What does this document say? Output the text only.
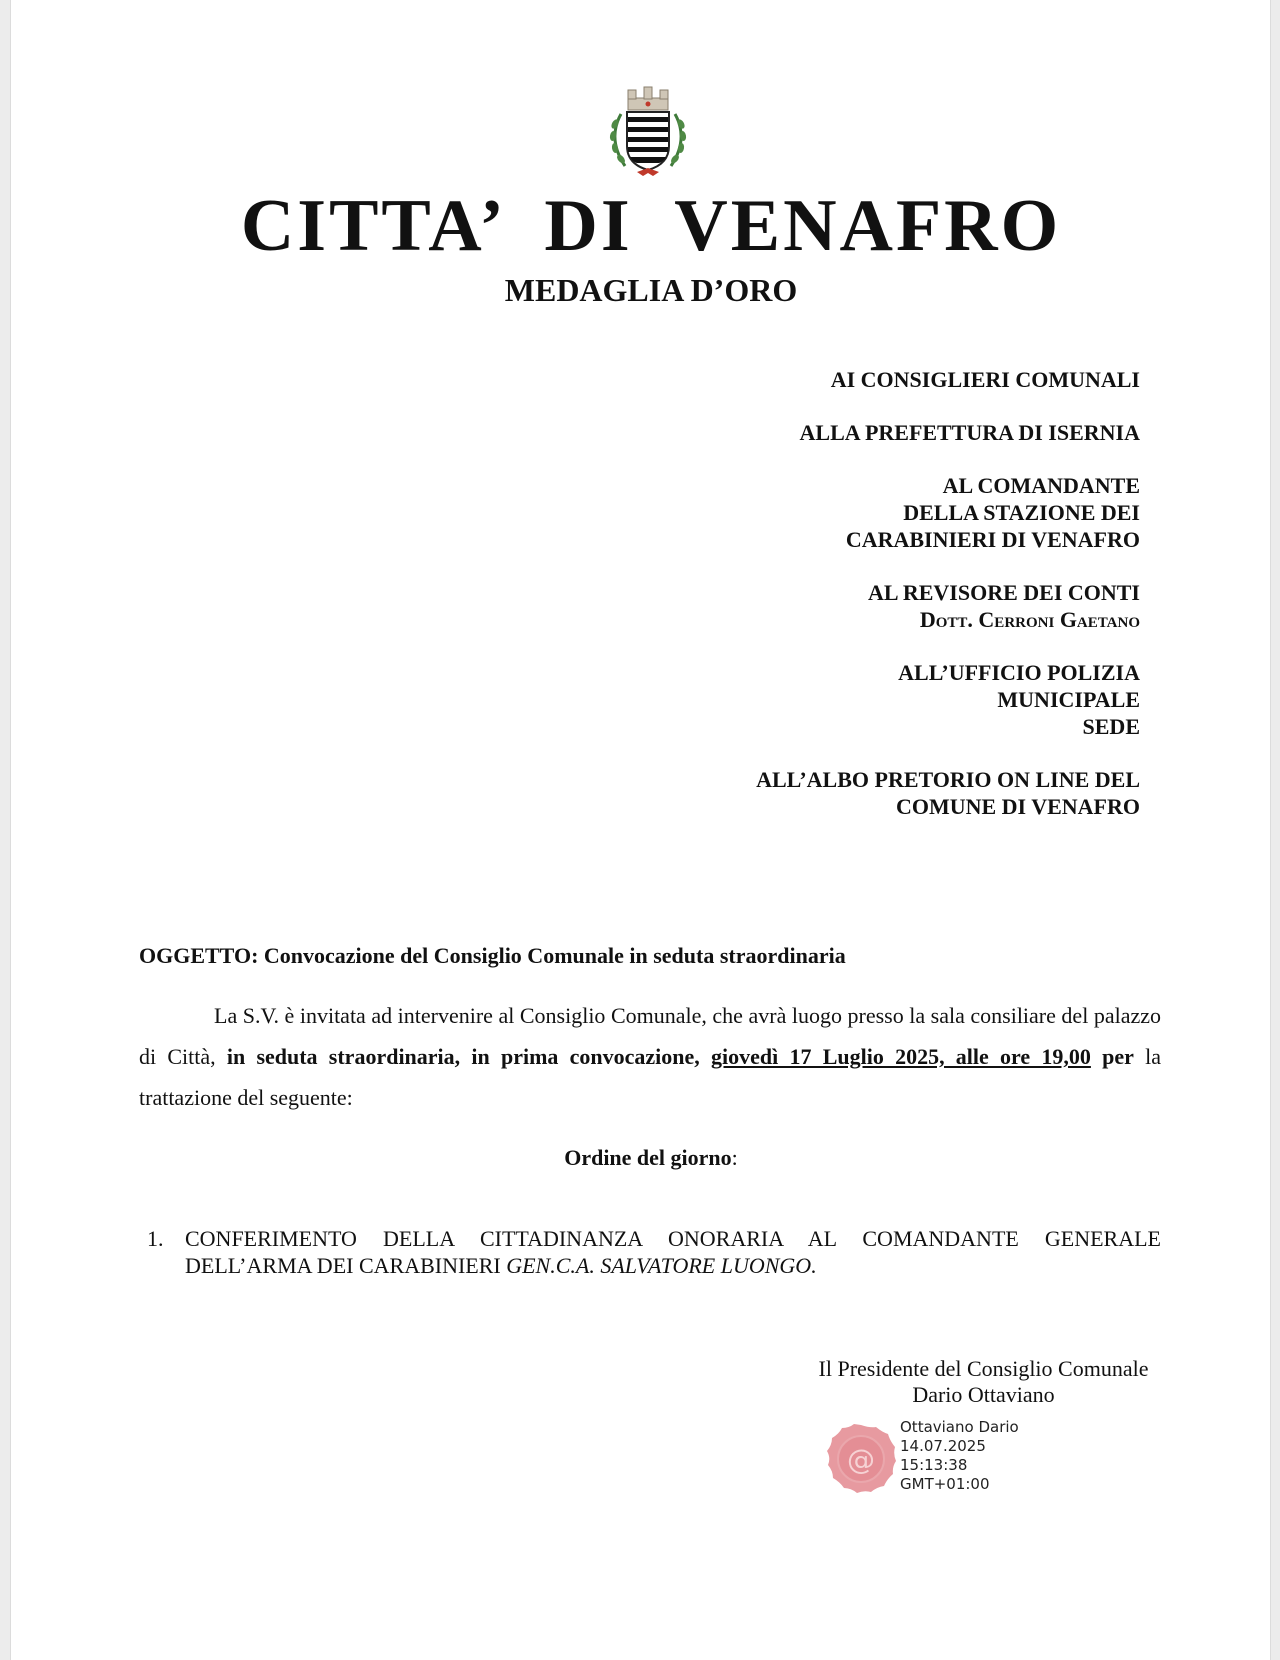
CITTA’  DI  VENAFRO
MEDAGLIA D’ORO
AI CONSIGLIERI COMUNALI
ALLA PREFETTURA DI ISERNIA
AL COMANDANTE
DELLA STAZIONE DEI
CARABINIERI DI VENAFRO
AL REVISORE DEI CONTI
Dott. Cerroni Gaetano
ALL’UFFICIO POLIZIA
MUNICIPALE
SEDE
ALL’ALBO PRETORIO ON LINE DEL
COMUNE DI VENAFRO
OGGETTO: Convocazione del Consiglio Comunale in seduta straordinaria
La S.V. è invitata ad intervenire al Consiglio Comunale, che avrà luogo presso la sala consiliare del palazzo di Città, in seduta straordinaria, in prima convocazione, giovedì 17 Luglio 2025, alle ore 19,00 per la trattazione del seguente:
Ordine del giorno:
1. CONFERIMENTO DELLA CITTADINANZA ONORARIA AL COMANDANTE GENERALE DELL’ARMA DEI CARABINIERI GEN.C.A. SALVATORE LUONGO.
Il Presidente del Consiglio Comunale
Dario Ottaviano
@
Ottaviano Dario
14.07.2025
15:13:38
GMT+01:00
